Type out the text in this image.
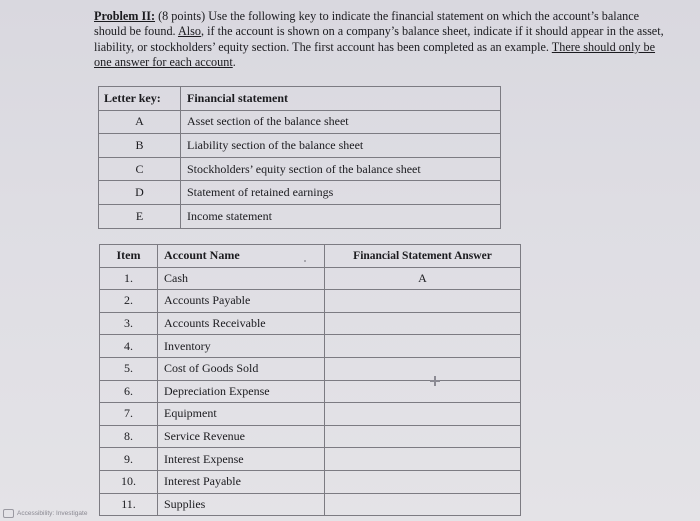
Problem II: (8 points) Use the following key to indicate the financial statement on which the account’s balance should be found. Also, if the account is shown on a company’s balance sheet, indicate if it should appear in the asset, liability, or stockholders’ equity section. The first account has been completed as an example. There should only be one answer for each account.
Letter key:	Financial statement
A	Asset section of the balance sheet
B	Liability section of the balance sheet
C	Stockholders’ equity section of the balance sheet
D	Statement of retained earnings
E	Income statement
Item	Account Name	Financial Statement Answer
1.	Cash	A
2.	Accounts Payable	
3.	Accounts Receivable	
4.	Inventory	
5.	Cost of Goods Sold	
6.	Depreciation Expense	
7.	Equipment	
8.	Service Revenue	
9.	Interest Expense	
10.	Interest Payable	
11.	Supplies	
Accessibility: Investigate
